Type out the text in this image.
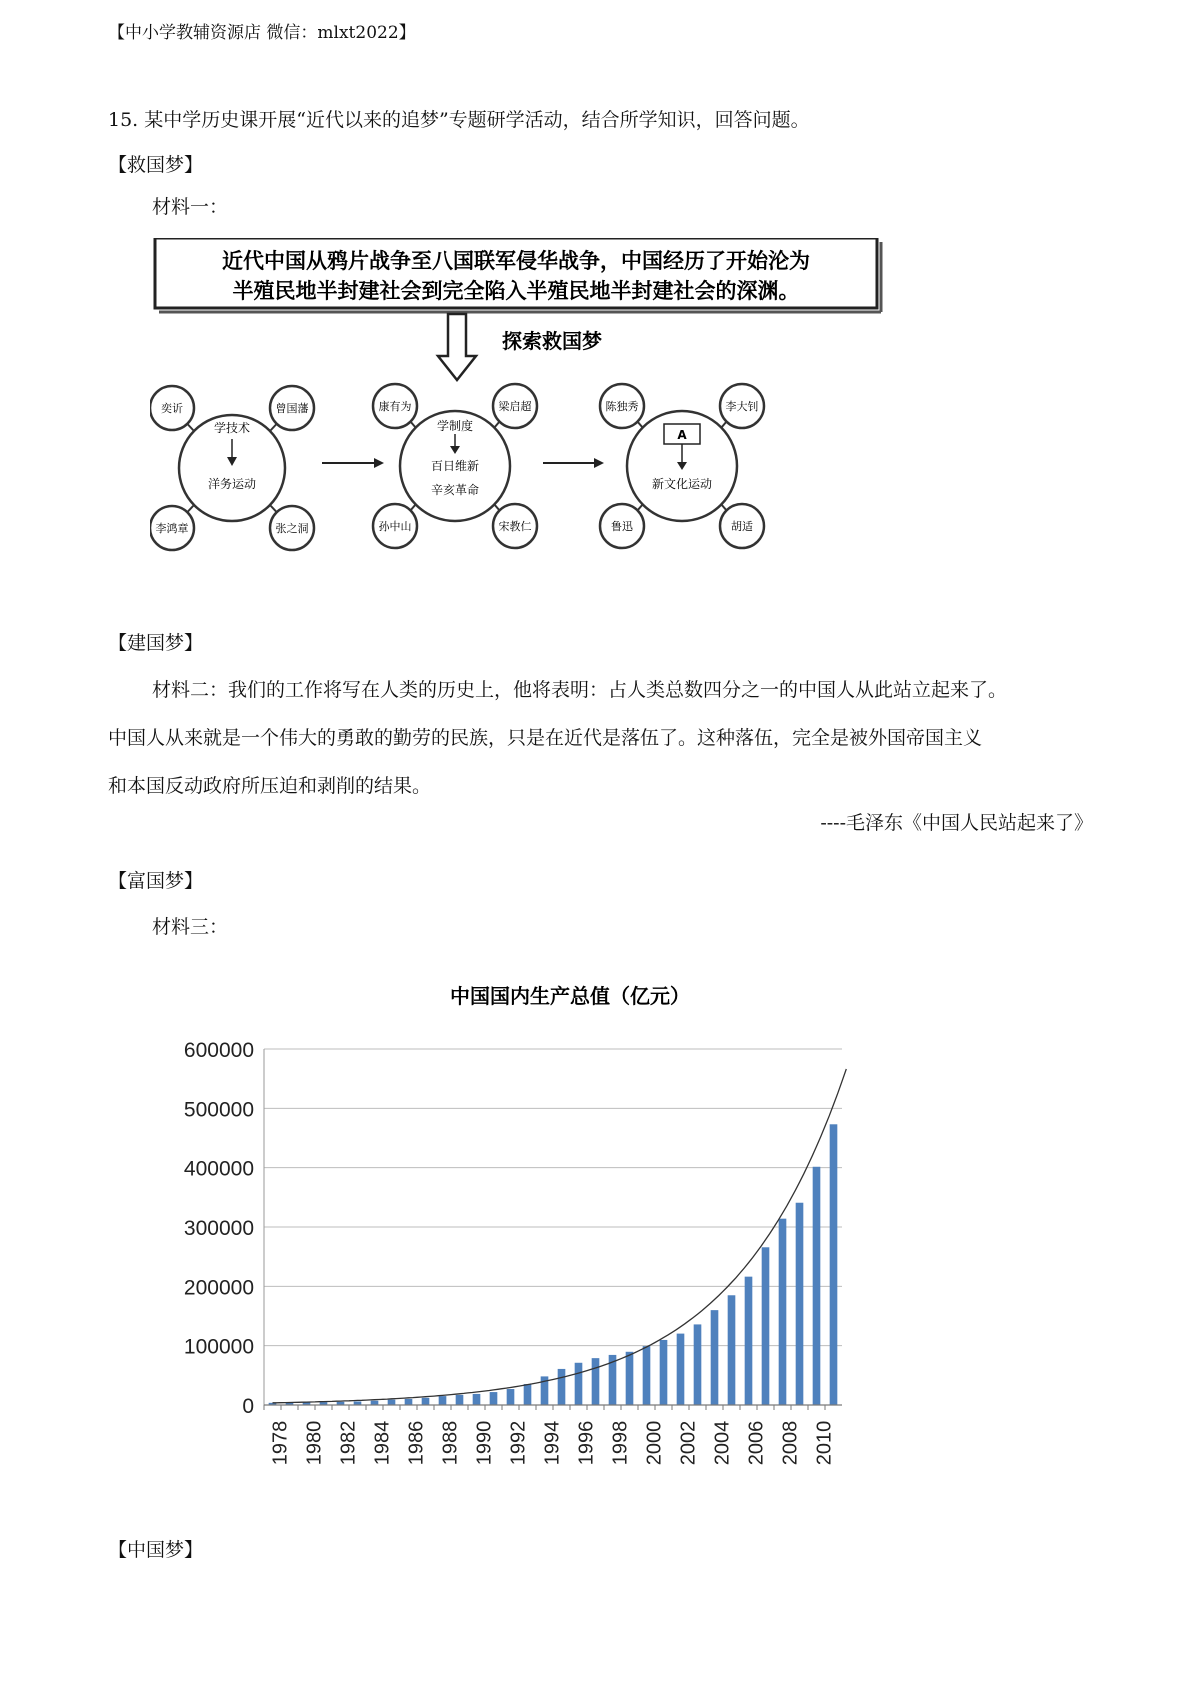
【中小学教辅资源店 微信：mlxt2022】
15. 某中学历史课开展“近代以来的追梦”专题研学活动，结合所学知识，回答问题。
【救国梦】
材料一：
近代中国从鸦片战争至八国联军侵华战争，中国经历了开始沦为
半殖民地半封建社会到完全陷入半殖民地半封建社会的深渊。
探索救国梦
学技术
洋务运动
奕䜣	曾国藩
李鸿章	张之洞
学制度
百日维新
辛亥革命
康有为	梁启超
孙中山	宋教仁
A
新文化运动
陈独秀	李大钊
鲁迅	胡适
【建国梦】
材料二：我们的工作将写在人类的历史上，他将表明：占人类总数四分之一的中国人从此站立起来了。
中国人从来就是一个伟大的勇敢的勤劳的民族，只是在近代是落伍了。这种落伍，完全是被外国帝国主义
和本国反动政府所压迫和剥削的结果。
----毛泽东《中国人民站起来了》
【富国梦】
材料三：
中国国内生产总值（亿元）
0
100000
200000
300000
400000
500000
600000
1978 1980 1982 1984 1986 1988 1990 1992 1994 1996 1998 2000 2002 2004 2006 2008 2010
【中国梦】
